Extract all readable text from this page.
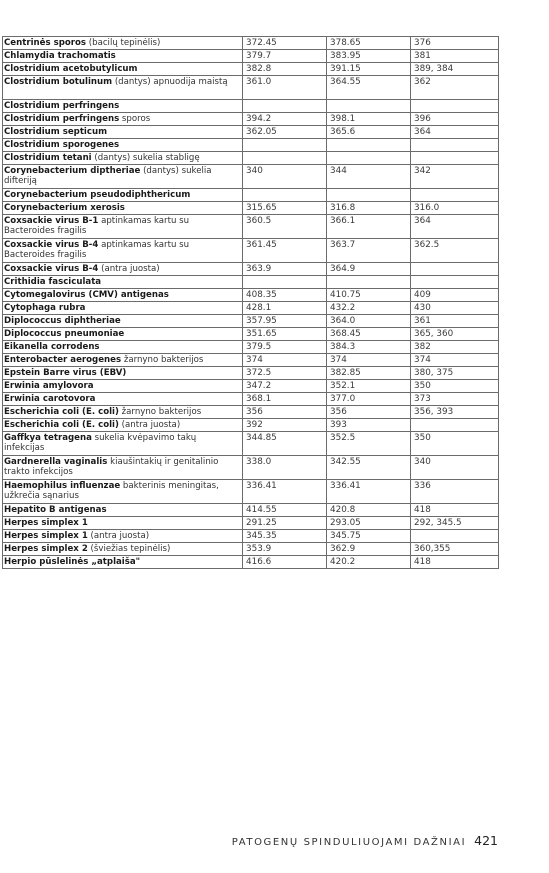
Centrinės sporos (bacilų tepinėlis)	372.45	378.65	376
Chlamydia trachomatis	379.7	383.95	381
Clostridium acetobutylicum	382.8	391.15	389, 384
Clostridium botulinum (dantys) apnuodija maistą	361.0	364.55	362
Clostridium perfringens			
Clostridium perfringens sporos	394.2	398.1	396
Clostridium septicum	362.05	365.6	364
Clostridium sporogenes			
Clostridium tetani (dantys) sukelia stabligę			
Corynebacterium diptheriae (dantys) sukelia difteriją	340	344	342
Corynebacterium pseudodiphthericum			
Corynebacterium xerosis	315.65	316.8	316.0
Coxsackie virus B-1 aptinkamas kartu su Bacteroides fragilis	360.5	366.1	364
Coxsackie virus B-4 aptinkamas kartu su Bacteroides fragilis	361.45	363.7	362.5
Coxsackie virus B-4 (antra juosta)	363.9	364.9	
Crithidia fasciculata			
Cytomegalovirus (CMV) antigenas	408.35	410.75	409
Cytophaga rubra	428.1	432.2	430
Diplococcus diphtheriae	357.95	364.0	361
Diplococcus pneumoniae	351.65	368.45	365, 360
Eikanella corrodens	379.5	384.3	382
Enterobacter aerogenes žarnyno bakterijos	374	374	374
Epstein Barre virus (EBV)	372.5	382.85	380, 375
Erwinia amylovora	347.2	352.1	350
Erwinia carotovora	368.1	377.0	373
Escherichia coli (E. coli) žarnyno bakterijos	356	356	356, 393
Escherichia coli (E. coli) (antra juosta)	392	393	
Gaffkya tetragena sukelia kvėpavimo takų infekcijas	344.85	352.5	350
Gardnerella vaginalis kiaušintakių ir genitalinio trakto infekcijos	338.0	342.55	340
Haemophilus influenzae bakterinis meningitas, užkrečia sąnarius	336.41	336.41	336
Hepatito B antigenas	414.55	420.8	418
Herpes simplex 1	291.25	293.05	292, 345.5
Herpes simplex 1 (antra juosta)	345.35	345.75	
Herpes simplex 2 (šviežias tepinėlis)	353.9	362.9	360,355
Herpio pūslelinės „atplaiša"	416.6	420.2	418
PATOGENŲ SPINDULIUOJAMI DAŽNIAI 421
